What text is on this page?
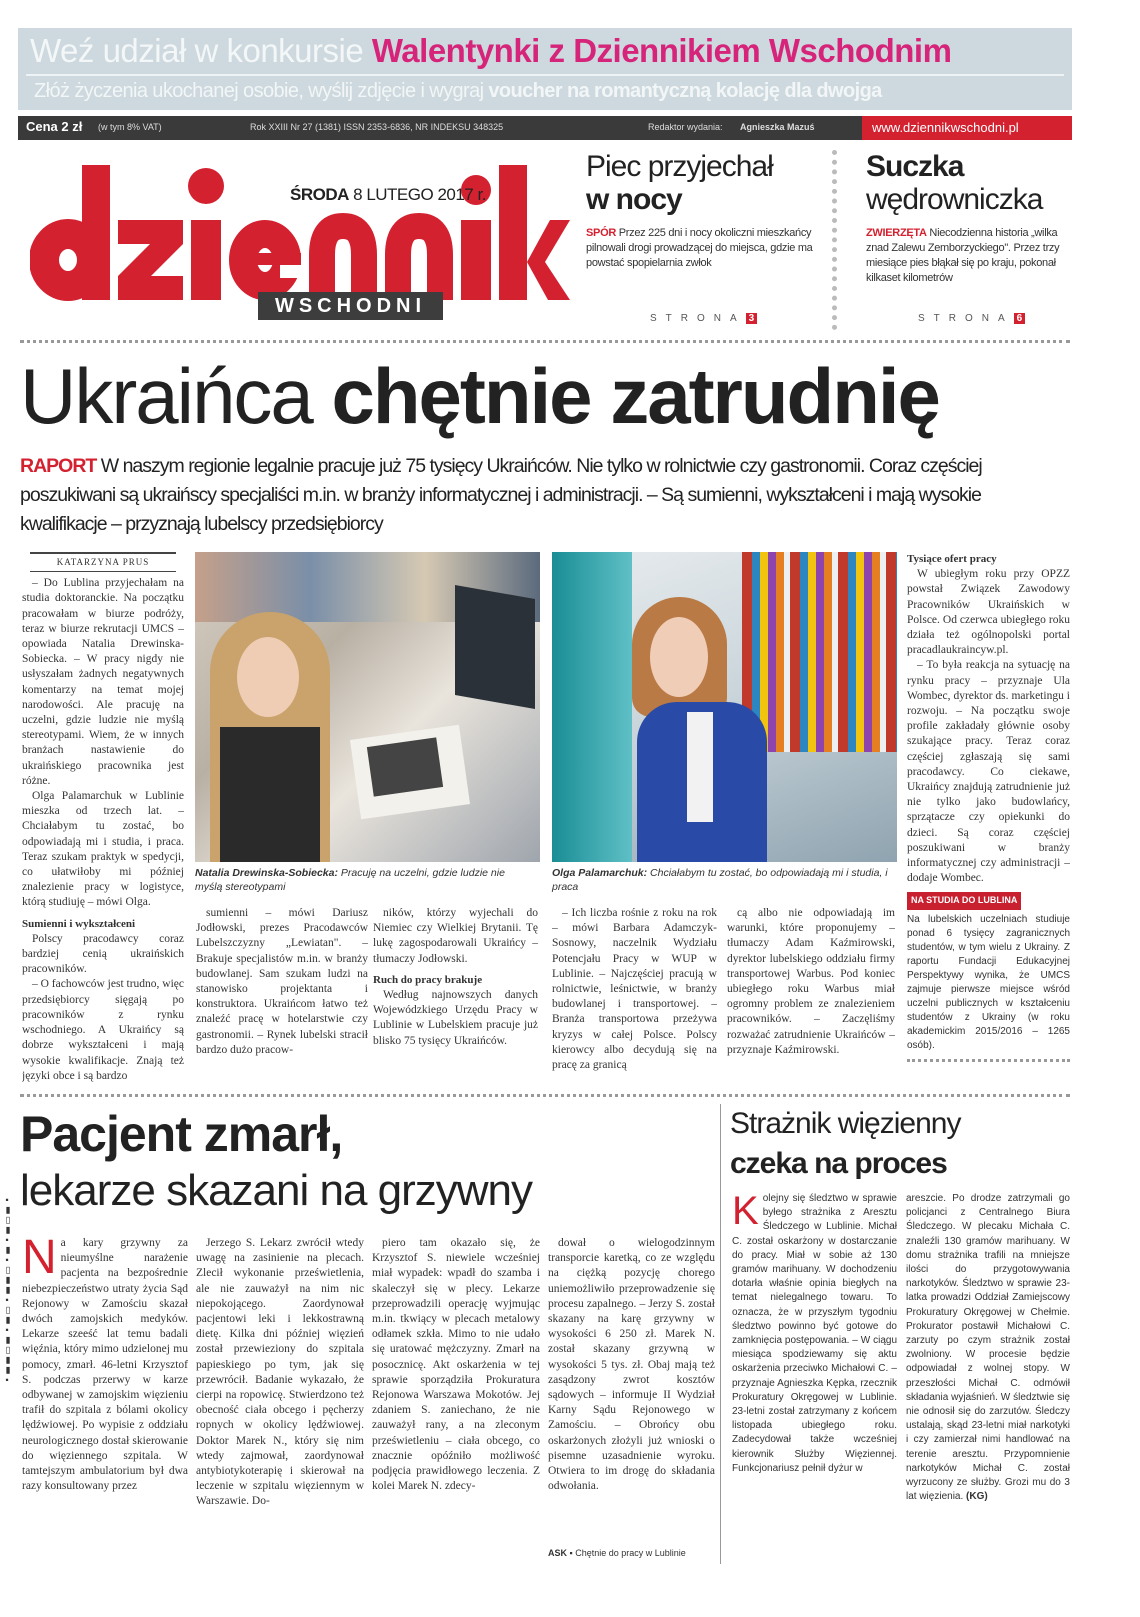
Weź udział w konkursie Walentynki z Dziennikiem Wschodnim
Złóż życzenia ukochanej osobie, wyślij zdjęcie i wygraj voucher na romantyczną kolację dla dwojga
Cena 2 zł (w tym 8% VAT)	Rok XXIII Nr 27 (1381) ISSN 2353-6836, NR INDEKSU 348325	Redaktor wydania: Agnieszka Mazuś	www.dziennikwschodni.pl
WSCHODNI
ŚRODA 8 LUTEGO 2017 r.
Piec przyjechał
w nocy

SPÓR Przez 225 dni i nocy okoliczni mieszkańcy pilnowali drogi prowadzącej do miejsca, gdzie ma powstać spopielarnia zwłok

STRONA 3
Suczka
wędrowniczka

ZWIERZĘTA Niecodzienna historia „wilka znad Zalewu Zemborzyckiego". Przez trzy miesiące pies błąkał się po kraju, pokonał kilkaset kilometrów

STRONA 6
Ukraińca chętnie zatrudnię
RAPORT W naszym regionie legalnie pracuje już 75 tysięcy Ukraińców. Nie tylko w rolnictwie czy gastronomii. Coraz częściej poszukiwani są ukraińscy specjaliści m.in. w branży informatycznej i administracji. – Są sumienni, wykształceni i mają wysokie kwalifikacje – przyznają lubelscy przedsiębiorcy
KATARZYNA PRUS

– Do Lublina przyjechałam na studia doktoranckie. Na początku pracowałam w biurze podróży, teraz w biurze rekrutacji UMCS – opowiada Natalia Drewinska-Sobiecka. – W pracy nigdy nie usłyszałam żadnych negatywnych komentarzy na temat mojej narodowości. Ale pracuję na uczelni, gdzie ludzie nie myślą stereotypami. Wiem, że w innych branżach nastawienie do ukraińskiego pracownika jest różne.

Olga Palamarchuk w Lublinie mieszka od trzech lat. – Chciałabym tu zostać, bo odpowiadają mi i studia, i praca. Teraz szukam praktyk w spedycji, co ułatwiłoby mi później znalezienie pracy w logistyce, którą studiuję – mówi Olga.

Sumienni i wykształceni

Polscy pracodawcy coraz bardziej cenią ukraińskich pracowników.

– O fachowców jest trudno, więc przedsiębiorcy sięgają po pracowników z rynku wschodniego. A Ukraińcy są dobrze wykształceni i mają wysokie kwalifikacje. Znają też języki obce i są bardzo

Natalia Drewinska-Sobiecka: Pracuję na uczelni, gdzie ludzie nie myślą stereotypami
Olga Palamarchuk: Chciałabym tu zostać, bo odpowiadają mi i studia, i praca

sumienni – mówi Dariusz Jodłowski, prezes Pracodawców Lubelszczyzny „Lewiatan". – Brakuje specjalistów m.in. w branży budowlanej. Sam szukam ludzi na stanowisko projektanta i konstruktora. Ukraińcom łatwo też znaleźć pracę w hotelarstwie czy gastronomii. – Rynek lubelski stracił bardzo dużo pracow-

ników, którzy wyjechali do Niemiec czy Wielkiej Brytanii. Tę lukę zagospodarowali Ukraińcy – tłumaczy Jodłowski.

Ruch do pracy brakuje

Według najnowszych danych Wojewódzkiego Urzędu Pracy w Lublinie w Lubelskiem pracuje już blisko 75 tysięcy Ukraińców.

– Ich liczba rośnie z roku na rok – mówi Barbara Adamczyk-Sosnowy, naczelnik Wydziału Potencjału Pracy w WUP w Lublinie. – Najczęściej pracują w rolnictwie, leśnictwie, w branży budowlanej i transportowej. – Branża transportowa przeżywa kryzys w całej Polsce. Polscy kierowcy albo decydują się na pracę za granicą

cą albo nie odpowiadają im warunki, które proponujemy – tłumaczy Adam Kaźmirowski, dyrektor lubelskiego oddziału firmy transportowej Warbus. Pod koniec ubiegłego roku Warbus miał ogromny problem ze znalezieniem pracowników. – Zaczęliśmy rozważać zatrudnienie Ukraińców – przyznaje Kaźmirowski.

Tysiące ofert pracy

W ubiegłym roku przy OPZZ powstał Związek Zawodowy Pracowników Ukraińskich w Polsce. Od czerwca ubiegłego roku działa też ogólnopolski portal pracadlaukraincyw.pl.

– To była reakcja na sytuację na rynku pracy – przyznaje Ula Wombec, dyrektor ds. marketingu i rozwoju. – Na początku swoje profile zakładały głównie osoby szukające pracy. Teraz coraz częściej zgłaszają się sami pracodawcy. Co ciekawe, Ukraińcy znajdują zatrudnienie już nie tylko jako budowlańcy, sprzątacze czy opiekunki do dzieci. Są coraz częściej poszukiwani w branży informatycznej czy administracji – dodaje Wombec.

NA STUDIA DO LUBLINA
Na lubelskich uczelniach studiuje ponad 6 tysięcy zagranicznych studentów, w tym wielu z Ukrainy. Z raportu Fundacji Edukacyjnej Perspektywy wynika, że UMCS zajmuje pierwsze miejsce wśród uczelni publicznych w kształceniu studentów z Ukrainy (w roku akademickim 2015/2016 – 1265 osób).
Pacjent zmarł,
lekarze skazani na grzywny
Na kary grzywny za nieumyślne narażenie pacjenta na bezpośrednie niebezpieczeństwo utraty życia Sąd Rejonowy w Zamościu skazał dwóch zamojskich medyków. Lekarze szeeść lat temu badali więźnia, który mimo udzielonej mu pomocy, zmarł. 46-letni Krzysztof S. podczas przerwy w karze odbywanej w zamojskim więzieniu trafił do szpitala z bólami okolicy lędźwiowej. Po wypisie z oddziału neurologicznego dostał skierowanie do więziennego szpitala. W tamtejszym ambulatorium był dwa razy konsultowany przez

Jerzego S. Lekarz zwrócił wtedy uwagę na zasinienie na plecach. Zlecił wykonanie prześwietlenia, ale nie zauważył na nim nic niepokojącego. Zaordynował pacjentowi leki i lekkostrawną dietę. Kilka dni później więzień został przewieziony do szpitala papieskiego po tym, jak się przewrócił. Badanie wykazało, że cierpi na ropowicę. Stwierdzono też obecność ciała obcego i pęcherzy ropnych w okolicy lędźwiowej. Doktor Marek N., który się nim wtedy zajmował, zaordynował antybiotykoterapię i skierował na leczenie w szpitalu więziennym w Warszawie. Do-

piero tam okazało się, że Krzysztof S. niewiele wcześniej miał wypadek: wpadł do szamba i skaleczył się w plecy. Lekarze przeprowadzili operację wyjmując m.in. tkwiący w plecach metalowy odłamek szkła. Mimo to nie udało się uratować mężczyzny. Zmarł na posocznicę. Akt oskarżenia w tej sprawie sporządziła Prokuratura Rejonowa Warszawa Mokotów. Jej zdaniem S. zaniechano, że nie zauważył rany, a na zleconym prześwietleniu – ciała obcego, co znacznie opóźniło możliwość podjęcia prawidłowego leczenia. Z kolei Marek N. zdecy-

dował o wielogodzinnym transporcie karetką, co ze względu na ciężką pozycję chorego uniemożliwiło przeprowadzenie się procesu zapalnego. – Jerzy S. został skazany na karę grzywny w wysokości 6 250 zł. Marek N. został skazany grzywną w wysokości 5 tys. zł. Obaj mają też zasądzony zwrot kosztów sądowych – informuje II Wydział Karny Sądu Rejonowego w Zamościu. – Obrońcy obu oskarżonych złożyli już wnioski o pisemne uzasadnienie wyroku. Otwiera to im drogę do składania odwołania.

ASK ▪ Chętnie do pracy w Lublinie
Strażnik więzienny
czeka na proces
Kolejny się śledztwo w sprawie byłego strażnika z Aresztu Śledczego w Lublinie. Michał C. został oskarżony w dostarczanie do pracy. Miał w sobie aż 130 gramów marihuany. W dochodzeniu dotarła właśnie opinia biegłych na temat nielegalnego towaru. To oznacza, że w przyszłym tygodniu śledztwo powinno być gotowe do zamknięcia postępowania. – W ciągu miesiąca spodziewamy się aktu oskarżenia przeciwko Michałowi C. – przyznaje Agnieszka Kępka, rzecznik Prokuratury Okręgowej w Lublinie. 23-letni został zatrzymany z końcem listopada ubiegłego roku. Zadecydował także wcześniej kierownik Służby Więziennej. Funkcjonariusz pełnił dyżur w
areszcie. Po drodze zatrzymali go policjanci z Centralnego Biura Śledczego. W plecaku Michała C. znaleźli 130 gramów marihuany. W domu strażnika trafili na mniejsze ilości do przygotowywania narkotyków. Śledztwo w sprawie 23-latka prowadzi Oddział Zamiejscowy Prokuratury Okręgowej w Chełmie. Prokurator postawił Michałowi C. zarzuty po czym strażnik został zwolniony. W procesie będzie odpowiadał z wolnej stopy. W przeszłości Michał C. odmówił składania wyjaśnień. W śledztwie się nie odnosił się do zarzutów. Śledczy ustalają, skąd 23-letni miał narkotyki i czy zamierzał nimi handlować na terenie aresztu. Przypomnienie narkotyków Michał C. został wyrzucony ze służby. Grozi mu do 3 lat więzienia. (KG)
▪▮▮▯▮▪▮▯▪▮▮▯▪▮▪▮▯▮▪
